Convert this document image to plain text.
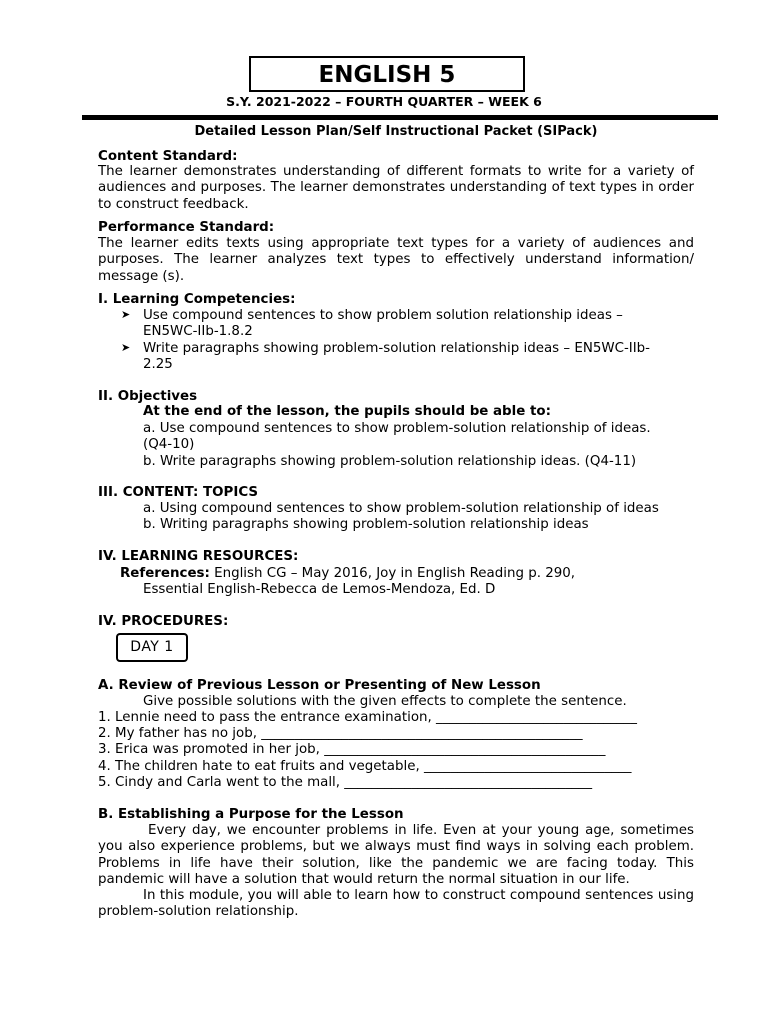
ENGLISH 5
S.Y. 2021-2022 – FOURTH QUARTER – WEEK 6
Detailed Lesson Plan/Self Instructional Packet (SIPack)
Content Standard:
The learner demonstrates understanding of different formats to write for a variety of audiences and purposes. The learner demonstrates understanding of text types in order to construct feedback.
Performance Standard:
The learner edits texts using appropriate text types for a variety of audiences and purposes. The learner analyzes text types to effectively understand information/ message (s).
I. Learning Competencies:
➤ Use compound sentences to show problem solution relationship ideas –
EN5WC-IIb-1.8.2
➤ Write paragraphs showing problem-solution relationship ideas – EN5WC-IIb-
2.25
II. Objectives
At the end of the lesson, the pupils should be able to:
a. Use compound sentences to show problem-solution relationship of ideas.
(Q4-10)
b. Write paragraphs showing problem-solution relationship ideas. (Q4-11)
III. CONTENT: TOPICS
a. Using compound sentences to show problem-solution relationship of ideas
b. Writing paragraphs showing problem-solution relationship ideas
IV. LEARNING RESOURCES:
References: English CG – May 2016, Joy in English Reading p. 290,
Essential English-Rebecca de Lemos-Mendoza, Ed. D
IV. PROCEDURES:
DAY 1
A. Review of Previous Lesson or Presenting of New Lesson
Give possible solutions with the given effects to complete the sentence.
1. Lennie need to pass the entrance examination, ______________________________
2. My father has no job, ________________________________________________
3. Erica was promoted in her job, __________________________________________
4. The children hate to eat fruits and vegetable, _______________________________
5. Cindy and Carla went to the mall, _____________________________________
B. Establishing a Purpose for the Lesson
Every day, we encounter problems in life. Even at your young age, sometimes you also experience problems, but we always must find ways in solving each problem. Problems in life have their solution, like the pandemic we are facing today. This pandemic will have a solution that would return the normal situation in our life.
In this module, you will able to learn how to construct compound sentences using problem-solution relationship.
